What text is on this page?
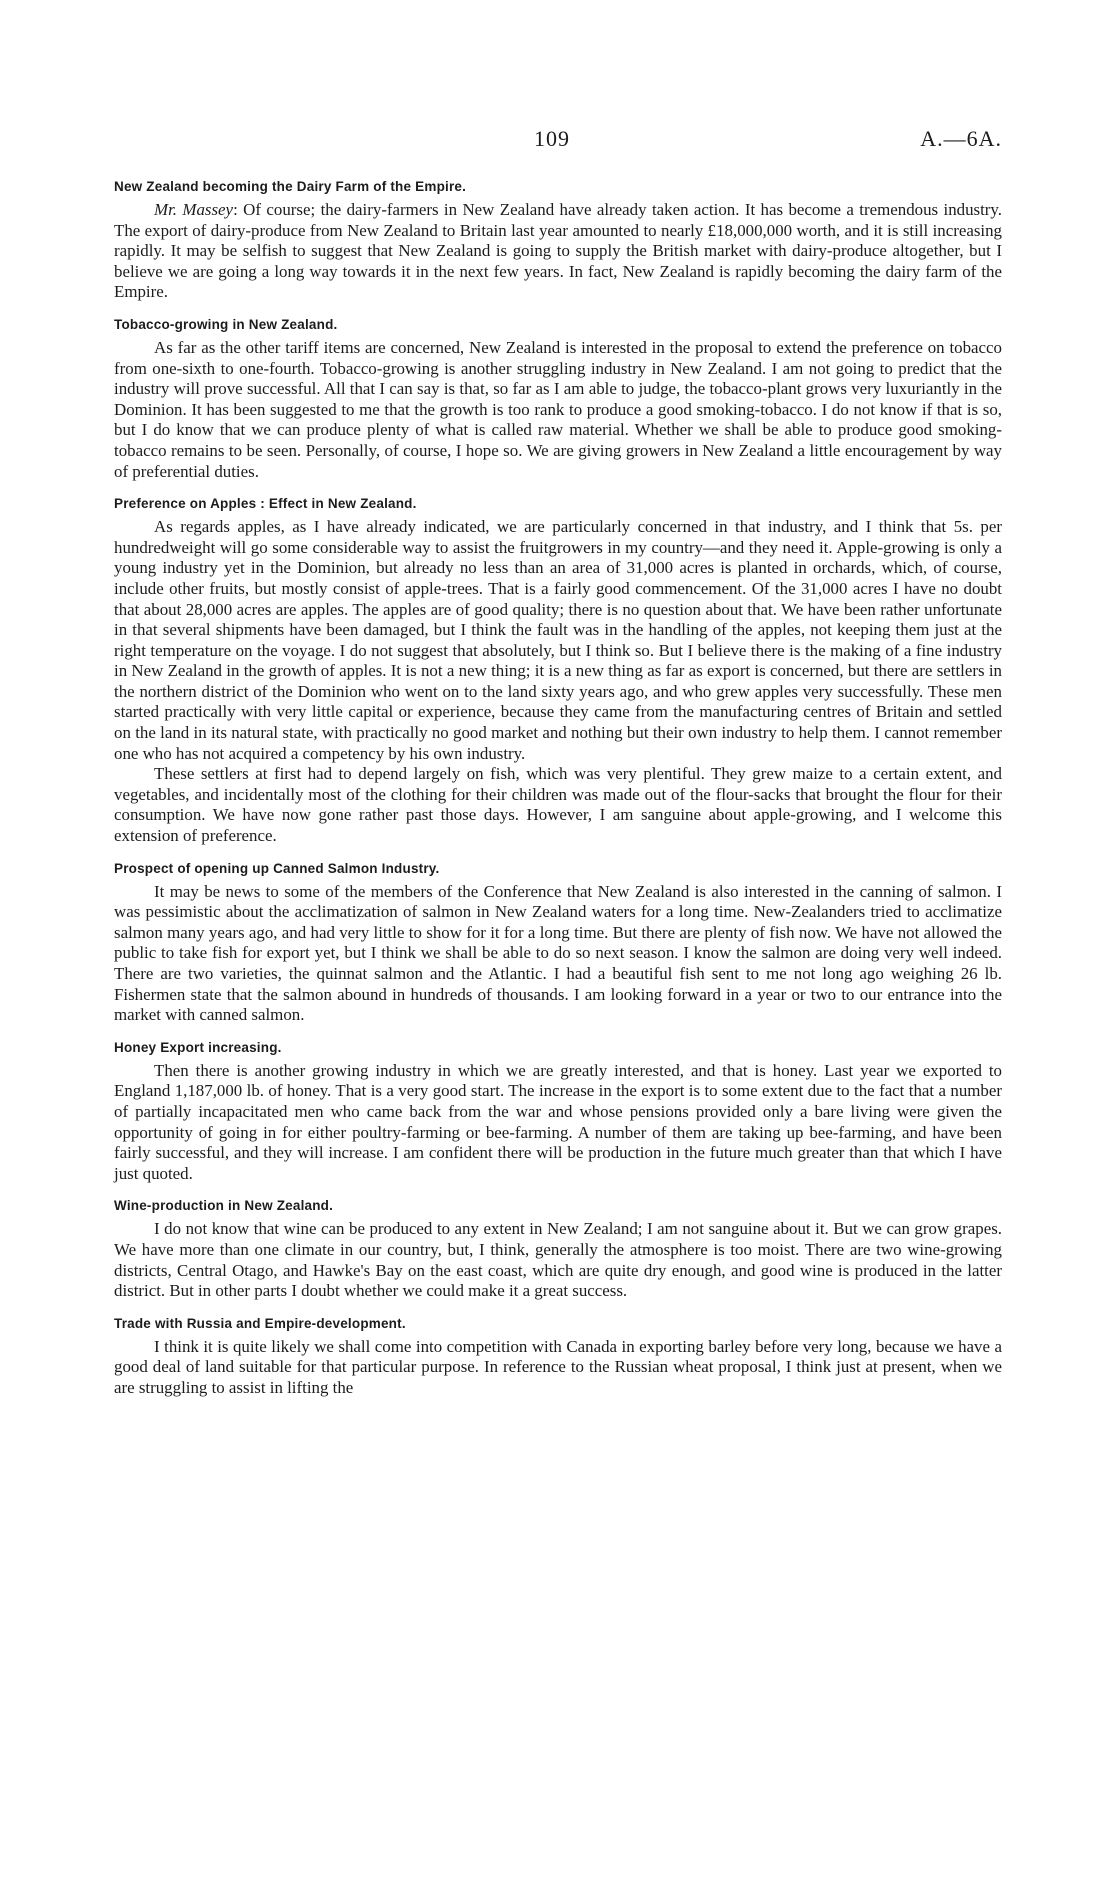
109	A.—6A.
New Zealand becoming the Dairy Farm of the Empire.

Mr. Massey: Of course; the dairy-farmers in New Zealand have already taken action. It has become a tremendous industry. The export of dairy-produce from New Zealand to Britain last year amounted to nearly £18,000,000 worth, and it is still increasing rapidly. It may be selfish to suggest that New Zealand is going to supply the British market with dairy-produce altogether, but I believe we are going a long way towards it in the next few years. In fact, New Zealand is rapidly becoming the dairy farm of the Empire.

Tobacco-growing in New Zealand.

As far as the other tariff items are concerned, New Zealand is interested in the proposal to extend the preference on tobacco from one-sixth to one-fourth. Tobacco-growing is another struggling industry in New Zealand. I am not going to predict that the industry will prove successful. All that I can say is that, so far as I am able to judge, the tobacco-plant grows very luxuriantly in the Dominion. It has been suggested to me that the growth is too rank to produce a good smoking-tobacco. I do not know if that is so, but I do know that we can produce plenty of what is called raw material. Whether we shall be able to produce good smoking-tobacco remains to be seen. Personally, of course, I hope so. We are giving growers in New Zealand a little encouragement by way of preferential duties.

Preference on Apples : Effect in New Zealand.

As regards apples, as I have already indicated, we are particularly concerned in that industry, and I think that 5s. per hundredweight will go some considerable way to assist the fruitgrowers in my country—and they need it. Apple-growing is only a young industry yet in the Dominion, but already no less than an area of 31,000 acres is planted in orchards, which, of course, include other fruits, but mostly consist of apple-trees. That is a fairly good commencement. Of the 31,000 acres I have no doubt that about 28,000 acres are apples. The apples are of good quality; there is no question about that. We have been rather unfortunate in that several shipments have been damaged, but I think the fault was in the handling of the apples, not keeping them just at the right temperature on the voyage. I do not suggest that absolutely, but I think so. But I believe there is the making of a fine industry in New Zealand in the growth of apples. It is not a new thing; it is a new thing as far as export is concerned, but there are settlers in the northern district of the Dominion who went on to the land sixty years ago, and who grew apples very successfully. These men started practically with very little capital or experience, because they came from the manufacturing centres of Britain and settled on the land in its natural state, with practically no good market and nothing but their own industry to help them. I cannot remember one who has not acquired a competency by his own industry.

These settlers at first had to depend largely on fish, which was very plentiful. They grew maize to a certain extent, and vegetables, and incidentally most of the clothing for their children was made out of the flour-sacks that brought the flour for their consumption. We have now gone rather past those days. However, I am sanguine about apple-growing, and I welcome this extension of preference.

Prospect of opening up Canned Salmon Industry.

It may be news to some of the members of the Conference that New Zealand is also interested in the canning of salmon. I was pessimistic about the acclimatization of salmon in New Zealand waters for a long time. New-Zealanders tried to acclimatize salmon many years ago, and had very little to show for it for a long time. But there are plenty of fish now. We have not allowed the public to take fish for export yet, but I think we shall be able to do so next season. I know the salmon are doing very well indeed. There are two varieties, the quinnat salmon and the Atlantic. I had a beautiful fish sent to me not long ago weighing 26 lb. Fishermen state that the salmon abound in hundreds of thousands. I am looking forward in a year or two to our entrance into the market with canned salmon.

Honey Export increasing.

Then there is another growing industry in which we are greatly interested, and that is honey. Last year we exported to England 1,187,000 lb. of honey. That is a very good start. The increase in the export is to some extent due to the fact that a number of partially incapacitated men who came back from the war and whose pensions provided only a bare living were given the opportunity of going in for either poultry-farming or bee-farming. A number of them are taking up bee-farming, and have been fairly successful, and they will increase. I am confident there will be production in the future much greater than that which I have just quoted.

Wine-production in New Zealand.

I do not know that wine can be produced to any extent in New Zealand; I am not sanguine about it. But we can grow grapes. We have more than one climate in our country, but, I think, generally the atmosphere is too moist. There are two wine-growing districts, Central Otago, and Hawke's Bay on the east coast, which are quite dry enough, and good wine is produced in the latter district. But in other parts I doubt whether we could make it a great success.

Trade with Russia and Empire-development.

I think it is quite likely we shall come into competition with Canada in exporting barley before very long, because we have a good deal of land suitable for that particular purpose. In reference to the Russian wheat proposal, I think just at present, when we are struggling to assist in lifting the
